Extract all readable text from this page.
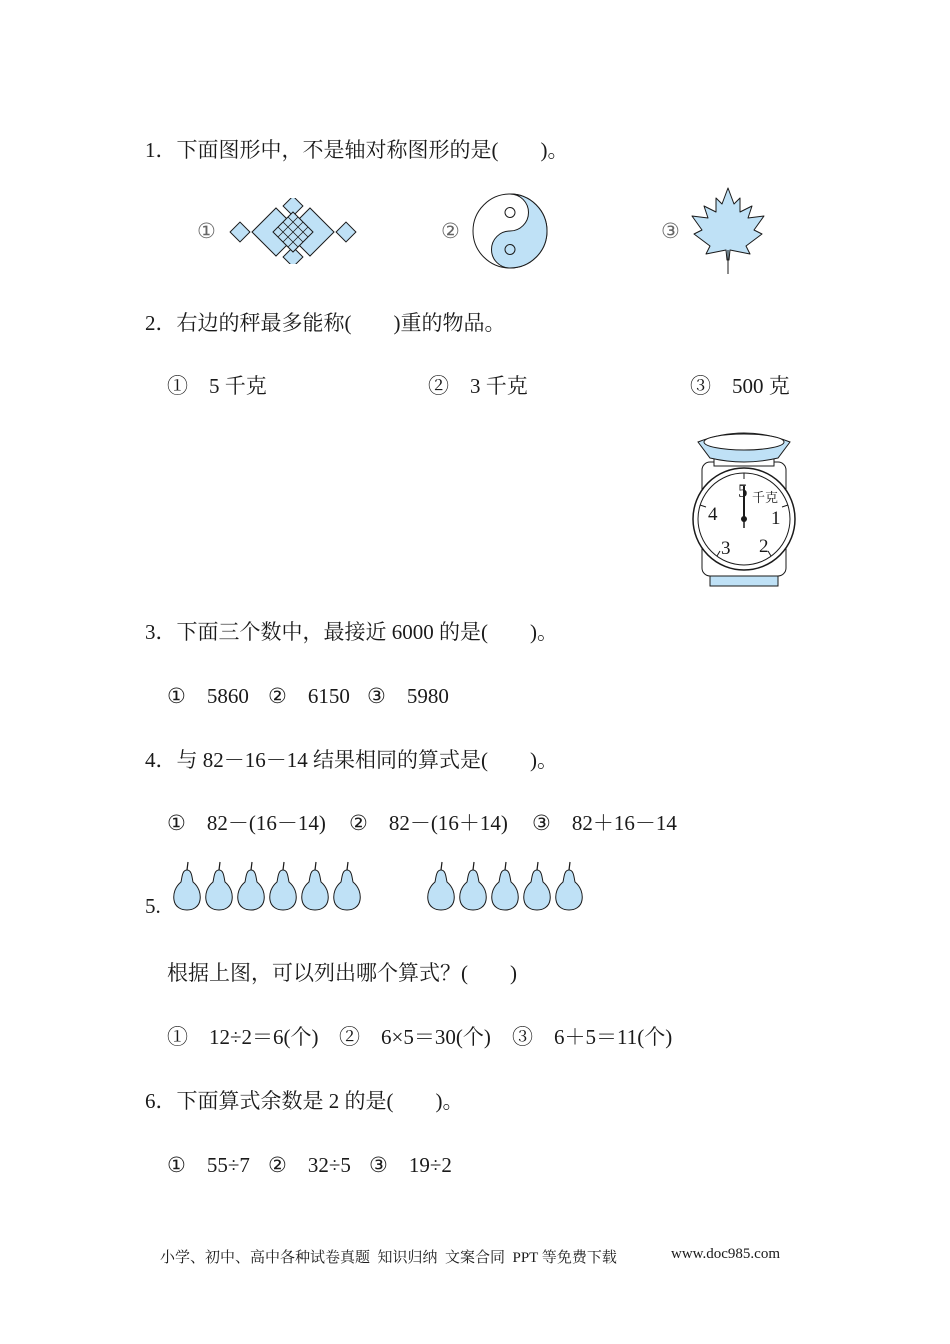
1．下面图形中，不是轴对称图形的是(　　)。
①	②	③
2．右边的秤最多能称(　　)重的物品。
①　5 千克	②　3 千克	③　500 克
5 千克
1
2
3
4
3．下面三个数中，最接近 6000 的是(　　)。
①　5860 ②　6150 ③　5980
4．与 82－16－14 结果相同的算式是(　　)。
①　82－(16－14) ②　82－(16＋14) ③　82＋16－14
5.
根据上图，可以列出哪个算式？(　　)
①　12÷2＝6(个) ②　6×5＝30(个) ③　6＋5＝11(个)
6．下面算式余数是 2 的是(　　)。
①　55÷7 ②　32÷5 ③　19÷2
小学、初中、高中各种试卷真题  知识归纳  文案合同  PPT 等免费下载	www.doc985.com
